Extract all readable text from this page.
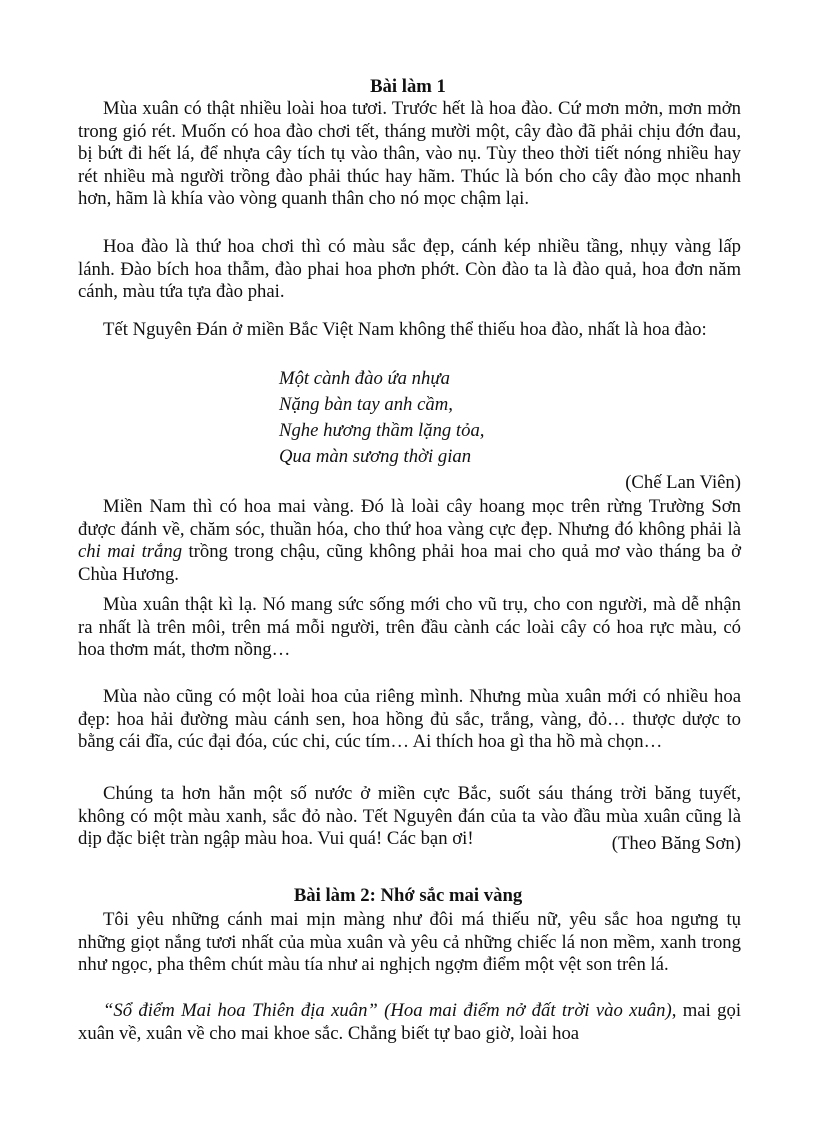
Bài làm 1
Mùa xuân có thật nhiều loài hoa tươi. Trước hết là hoa đào. Cứ mơn mởn, mơn mởn trong gió rét. Muốn có hoa đào chơi tết, tháng mười một, cây đào đã phải chịu đớn đau, bị bứt đi hết lá, để nhựa cây tích tụ vào thân, vào nụ. Tùy theo thời tiết nóng nhiều hay rét nhiều mà người trồng đào phải thúc hay hãm. Thúc là bón cho cây đào mọc nhanh hơn, hãm là khía vào vòng quanh thân cho nó mọc chậm lại.
Hoa đào là thứ hoa chơi thì có màu sắc đẹp, cánh kép nhiều tầng, nhụy vàng lấp lánh. Đào bích hoa thẫm, đào phai hoa phơn phớt. Còn đào ta là đào quả, hoa đơn năm cánh, màu tứa tựa đào phai.
Tết Nguyên Đán ở miền Bắc Việt Nam không thể thiếu hoa đào, nhất là hoa đào:
Một cành đào ứa nhựa
Nặng bàn tay anh cầm,
Nghe hương thầm lặng tỏa,
Qua màn sương thời gian
(Chế Lan Viên)
Miền Nam thì có hoa mai vàng. Đó là loài cây hoang mọc trên rừng Trường Sơn được đánh về, chăm sóc, thuần hóa, cho thứ hoa vàng cực đẹp. Nhưng đó không phải là chi mai trắng trồng trong chậu, cũng không phải hoa mai cho quả mơ vào tháng ba ở Chùa Hương.
Mùa xuân thật kì lạ. Nó mang sức sống mới cho vũ trụ, cho con người, mà dễ nhận ra nhất là trên môi, trên má mỗi người, trên đầu cành các loài cây có hoa rực màu, có hoa thơm mát, thơm nồng…
Mùa nào cũng có một loài hoa của riêng mình. Nhưng mùa xuân mới có nhiều hoa đẹp: hoa hải đường màu cánh sen, hoa hồng đủ sắc, trắng, vàng, đỏ… thược dược to bằng cái đĩa, cúc đại đóa, cúc chi, cúc tím… Ai thích hoa gì tha hồ mà chọn…
Chúng ta hơn hẳn một số nước ở miền cực Bắc, suốt sáu tháng trời băng tuyết, không có một màu xanh, sắc đỏ nào. Tết Nguyên đán của ta vào đầu mùa xuân cũng là dịp đặc biệt tràn ngập màu hoa. Vui quá! Các bạn ơi!	(Theo Băng Sơn)
Bài làm 2: Nhớ sắc mai vàng
Tôi yêu những cánh mai mịn màng như đôi má thiếu nữ, yêu sắc hoa ngưng tụ những giọt nắng tươi nhất của mùa xuân và yêu cả những chiếc lá non mềm, xanh trong như ngọc, pha thêm chút màu tía như ai nghịch ngợm điểm một vệt son trên lá.
“Sổ điểm Mai hoa Thiên địa xuân” (Hoa mai điểm nở đất trời vào xuân), mai gọi xuân về, xuân về cho mai khoe sắc. Chẳng biết tự bao giờ, loài hoa
